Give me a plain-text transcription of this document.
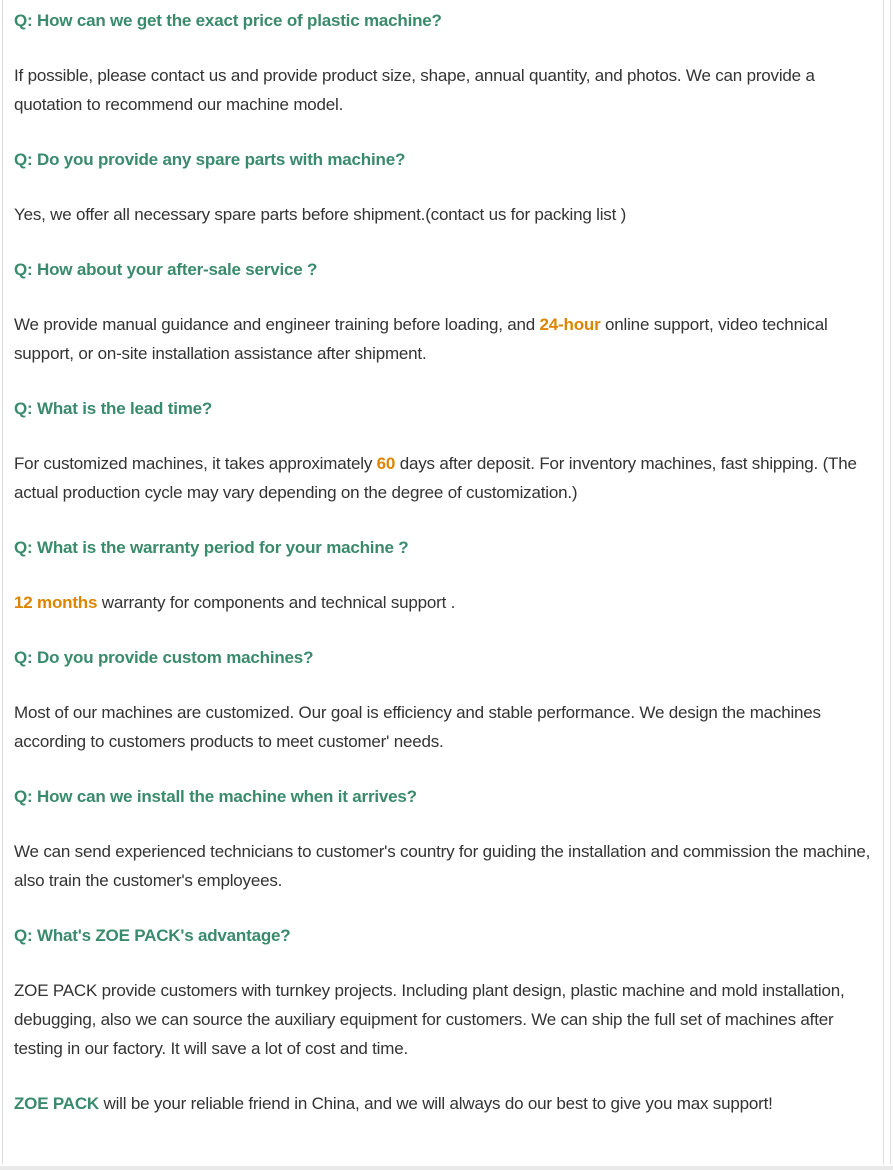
Q: How can we get the exact price of plastic machine?

If possible, please contact us and provide product size, shape, annual quantity, and photos. We can provide a quotation to recommend our machine model.

Q: Do you provide any spare parts with machine?

Yes, we offer all necessary spare parts before shipment.(contact us for packing list )

Q: How about your after-sale service ?

We provide manual guidance and engineer training before loading, and 24-hour online support, video technical support, or on-site installation assistance after shipment.

Q: What is the lead time?

For customized machines, it takes approximately 60 days after deposit. For inventory machines, fast shipping. (The actual production cycle may vary depending on the degree of customization.)

Q: What is the warranty period for your machine ?

12 months warranty for components and technical support .

Q: Do you provide custom machines?

Most of our machines are customized. Our goal is efficiency and stable performance. We design the machines according to customers products to meet customer' needs.

Q: How can we install the machine when it arrives?

We can send experienced technicians to customer's country for guiding the installation and commission the machine, also train the customer's employees.

Q: What's ZOE PACK's advantage?

ZOE PACK provide customers with turnkey projects. Including plant design, plastic machine and mold installation, debugging, also we can source the auxiliary equipment for customers. We can ship the full set of machines after testing in our factory. It will save a lot of cost and time.

ZOE PACK will be your reliable friend in China, and we will always do our best to give you max support!
